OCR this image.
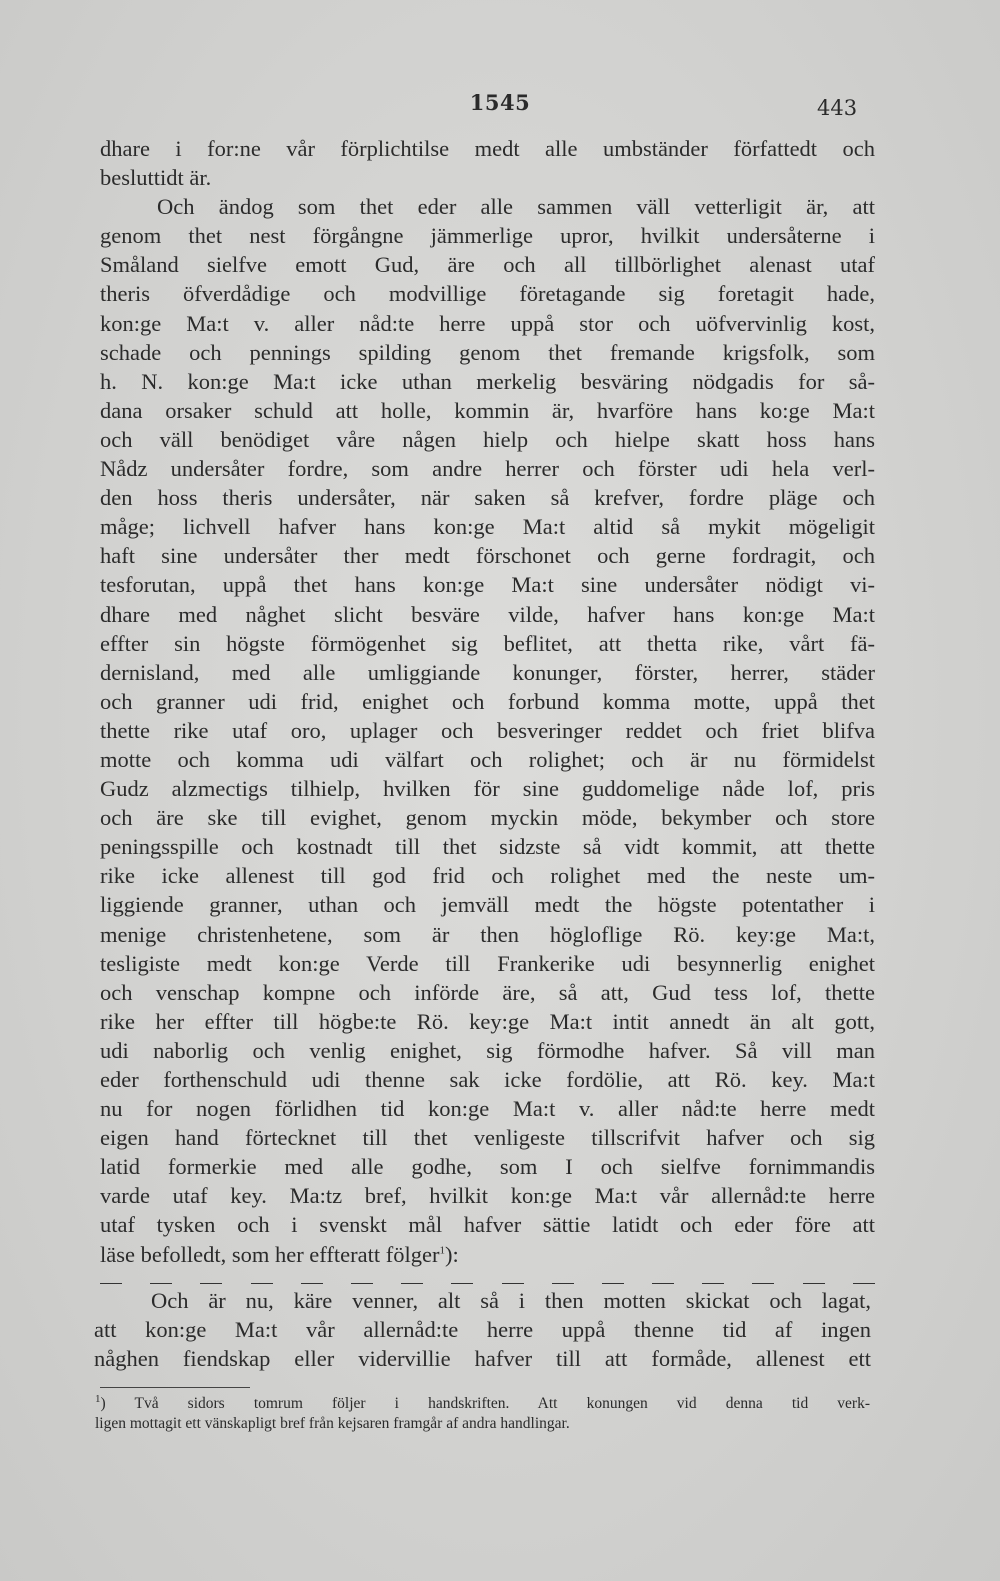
1545	443
dhare i for:ne vår förplichtilse medt alle umbständer författedt och
besluttidt är.
Och ändog som thet eder alle sammen väll vetterligit är, att
genom thet nest förgångne jämmerlige upror, hvilkit undersåterne i
Småland sielfve emott Gud, äre och all tillbörlighet alenast utaf
theris öfverdådige och modvillige företagande sig foretagit hade,
kon:ge Ma:t v. aller nåd:te herre uppå stor och uöfvervinlig kost,
schade och pennings spilding genom thet fremande krigsfolk, som
h. N. kon:ge Ma:t icke uthan merkelig besväring nödgadis for så-
dana orsaker schuld att holle, kommin är, hvarföre hans ko:ge Ma:t
och väll benödiget våre någen hielp och hielpe skatt hoss hans
Nådz undersåter fordre, som andre herrer och förster udi hela verl-
den hoss theris undersåter, när saken så krefver, fordre pläge och
måge; lichvell hafver hans kon:ge Ma:t altid så mykit mögeligit
haft sine undersåter ther medt förschonet och gerne fordragit, och
tesforutan, uppå thet hans kon:ge Ma:t sine undersåter nödigt vi-
dhare med någhet slicht besväre vilde, hafver hans kon:ge Ma:t
effter sin högste förmögenhet sig beflitet, att thetta rike, vårt fä-
dernisland, med alle umliggiande konunger, förster, herrer, städer
och granner udi frid, enighet och forbund komma motte, uppå thet
thette rike utaf oro, uplager och besveringer reddet och friet blifva
motte och komma udi välfart och rolighet; och är nu förmidelst
Gudz alzmectigs tilhielp, hvilken för sine guddomelige nåde lof, pris
och äre ske till evighet, genom myckin möde, bekymber och store
peningsspille och kostnadt till thet sidzste så vidt kommit, att thette
rike icke allenest till god frid och rolighet med the neste um-
liggiende granner, uthan och jemväll medt the högste potentather i
menige christenhetene, som är then högloflige Rö. key:ge Ma:t,
tesligiste medt kon:ge Verde till Frankerike udi besynnerlig enighet
och venschap kompne och införde äre, så att, Gud tess lof, thette
rike her effter till högbe:te Rö. key:ge Ma:t intit annedt än alt gott,
udi naborlig och venlig enighet, sig förmodhe hafver. Så vill man
eder forthenschuld udi thenne sak icke fordölie, att Rö. key. Ma:t
nu for nogen förlidhen tid kon:ge Ma:t v. aller nåd:te herre medt
eigen hand förtecknet till thet venligeste tillscrifvit hafver och sig
latid formerkie med alle godhe, som I och sielfve fornimmandis
varde utaf key. Ma:tz bref, hvilkit kon:ge Ma:t vår allernåd:te herre
utaf tysken och i svenskt mål hafver sättie latidt och eder före att
läse befolledt, som her effteratt fölger$^1$):
Och är nu, käre venner, alt så i then motten skickat och lagat,
att kon:ge Ma:t vår allernåd:te herre uppå thenne tid af ingen
någhen fiendskap eller vidervillie hafver till att formåde, allenest ett
$^1$) Två sidors tomrum följer i handskriften. Att konungen vid denna tid verk-
ligen mottagit ett vänskapligt bref från kejsaren framgår af andra handlingar.
